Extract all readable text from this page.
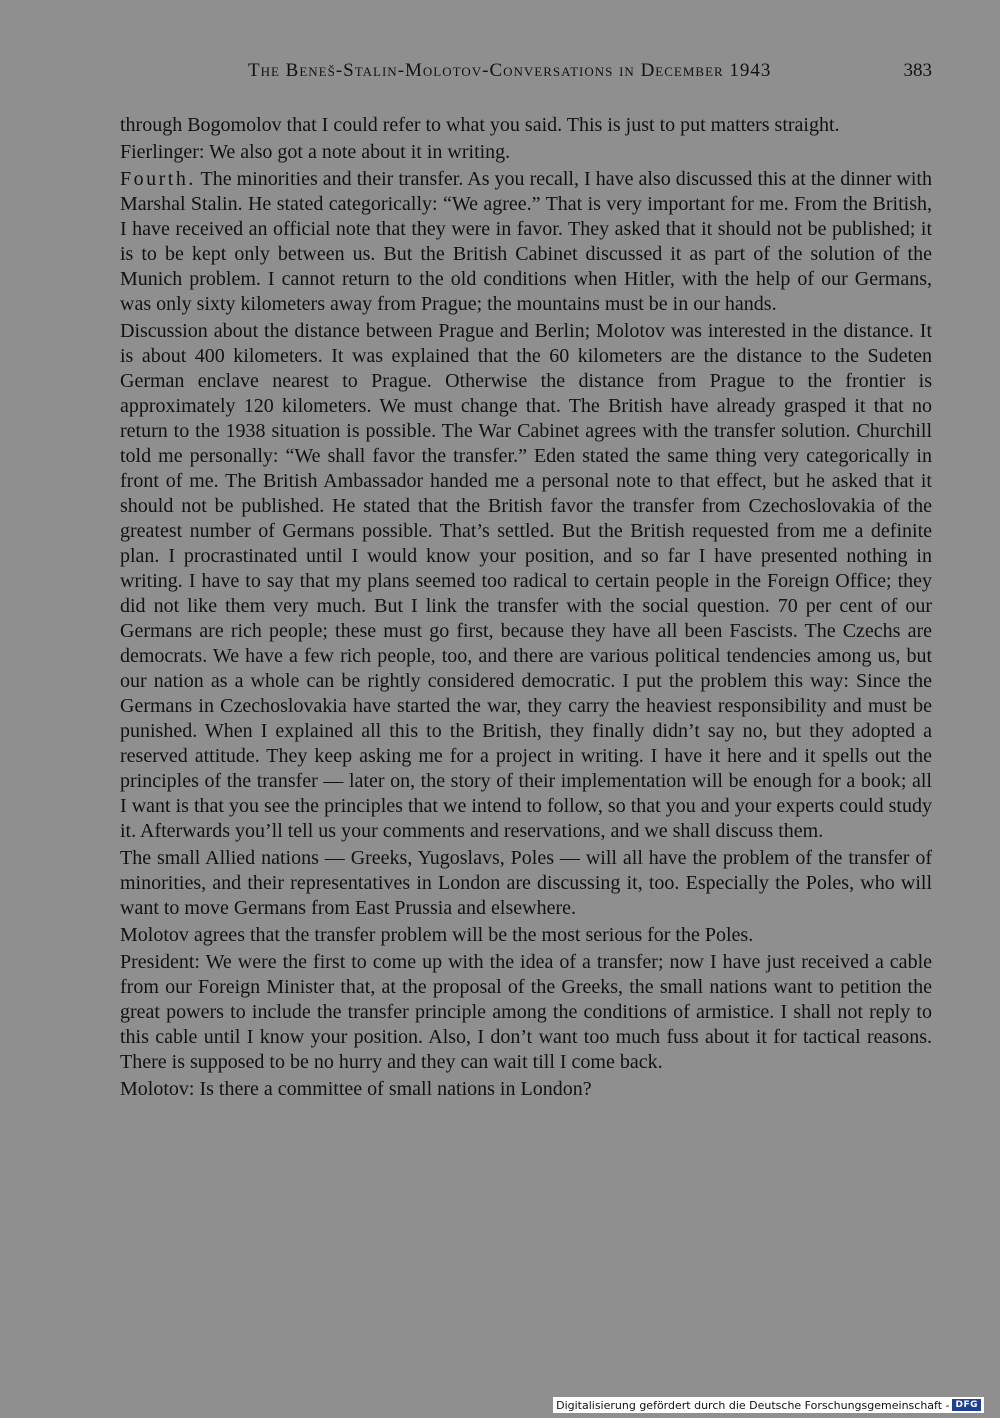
The Beneš-Stalin-Molotov-Conversations in December 1943	383

through Bogomolov that I could refer to what you said. This is just to put matters straight.

Fierlinger: We also got a note about it in writing.

Fourth. The minorities and their transfer. As you recall, I have also discussed this at the dinner with Marshal Stalin. He stated categorically: “We agree.” That is very important for me. From the British, I have received an official note that they were in favor. They asked that it should not be published; it is to be kept only between us. But the British Cabinet discussed it as part of the solution of the Munich problem. I cannot return to the old conditions when Hitler, with the help of our Germans, was only sixty kilometers away from Prague; the mountains must be in our hands.

Discussion about the distance between Prague and Berlin; Molotov was interested in the distance. It is about 400 kilometers. It was explained that the 60 kilometers are the distance to the Sudeten German enclave nearest to Prague. Otherwise the distance from Prague to the frontier is approximately 120 kilometers. We must change that. The British have already grasped it that no return to the 1938 situation is possible. The War Cabinet agrees with the transfer solution. Churchill told me personally: “We shall favor the transfer.” Eden stated the same thing very categorically in front of me. The British Ambassador handed me a personal note to that effect, but he asked that it should not be published. He stated that the British favor the transfer from Czechoslovakia of the greatest number of Germans possible. That’s settled. But the British requested from me a definite plan. I procrastinated until I would know your position, and so far I have presented nothing in writing. I have to say that my plans seemed too radical to certain people in the Foreign Office; they did not like them very much. But I link the transfer with the social question. 70 per cent of our Germans are rich people; these must go first, because they have all been Fascists. The Czechs are democrats. We have a few rich people, too, and there are various political tendencies among us, but our nation as a whole can be rightly considered democratic. I put the problem this way: Since the Germans in Czechoslovakia have started the war, they carry the heaviest responsibility and must be punished. When I explained all this to the British, they finally didn’t say no, but they adopted a reserved attitude. They keep asking me for a project in writing. I have it here and it spells out the principles of the transfer — later on, the story of their implementation will be enough for a book; all I want is that you see the principles that we intend to follow, so that you and your experts could study it. Afterwards you’ll tell us your comments and reservations, and we shall discuss them.

The small Allied nations — Greeks, Yugoslavs, Poles — will all have the problem of the transfer of minorities, and their representatives in London are discussing it, too. Especially the Poles, who will want to move Germans from East Prussia and elsewhere.

Molotov agrees that the transfer problem will be the most serious for the Poles.

President: We were the first to come up with the idea of a transfer; now I have just received a cable from our Foreign Minister that, at the proposal of the Greeks, the small nations want to petition the great powers to include the transfer principle among the conditions of armistice. I shall not reply to this cable until I know your position. Also, I don’t want too much fuss about it for tactical reasons. There is supposed to be no hurry and they can wait till I come back.

Molotov: Is there a committee of small nations in London?

Digitalisierung gefördert durch die Deutsche Forschungsgemeinschaft - DFG
